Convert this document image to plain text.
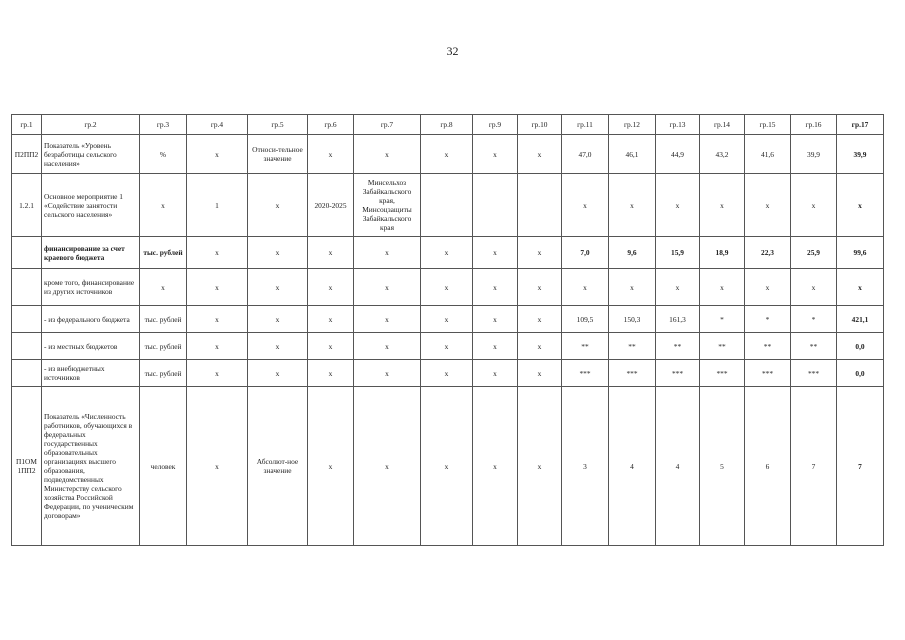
32
гр.1	гр.2	гр.3	гр.4	гр.5	гр.6	гр.7	гр.8	гр.9	гр.10	гр.11	гр.12	гр.13	гр.14	гр.15	гр.16	гр.17
П2ПП2	Показатель «Уровень безработицы сельского населения»	%	х	Относи-тельное значение	х	х	х	х	х	47,0	46,1	44,9	43,2	41,6	39,9	39,9
1.2.1	Основное мероприятие 1 «Содействие занятости сельского населения»	х	1	х	2020-2025	Минсельхоз Забайкальского края, Минсоцзащиты Забайкальского края				х	х	х	х	х	х	х
	финансирование за счет краевого бюджета	тыс. рублей	х	х	х	х	х	х	х	7,0	9,6	15,9	18,9	22,3	25,9	99,6
	кроме того, финансирование из других источников	х	х	х	х	х	х	х	х	х	х	х	х	х	х	х
	- из федерального бюджета	тыс. рублей	х	х	х	х	х	х	х	109,5	150,3	161,3	*	*	*	421,1
	- из местных бюджетов	тыс. рублей	х	х	х	х	х	х	х	**	**	**	**	**	**	0,0
	- из внебюджетных источников	тыс. рублей	х	х	х	х	х	х	х	***	***	***	***	***	***	0,0
П1ОМ 1ПП2	Показатель «Численность работников, обучающихся в федеральных государственных образовательных организациях высшего образования, подведомственных Министерству сельского хозяйства Российской Федерации, по ученическим договорам»	человек	х	Абсолют-ное значение	х	х	х	х	х	3	4	4	5	6	7	7
